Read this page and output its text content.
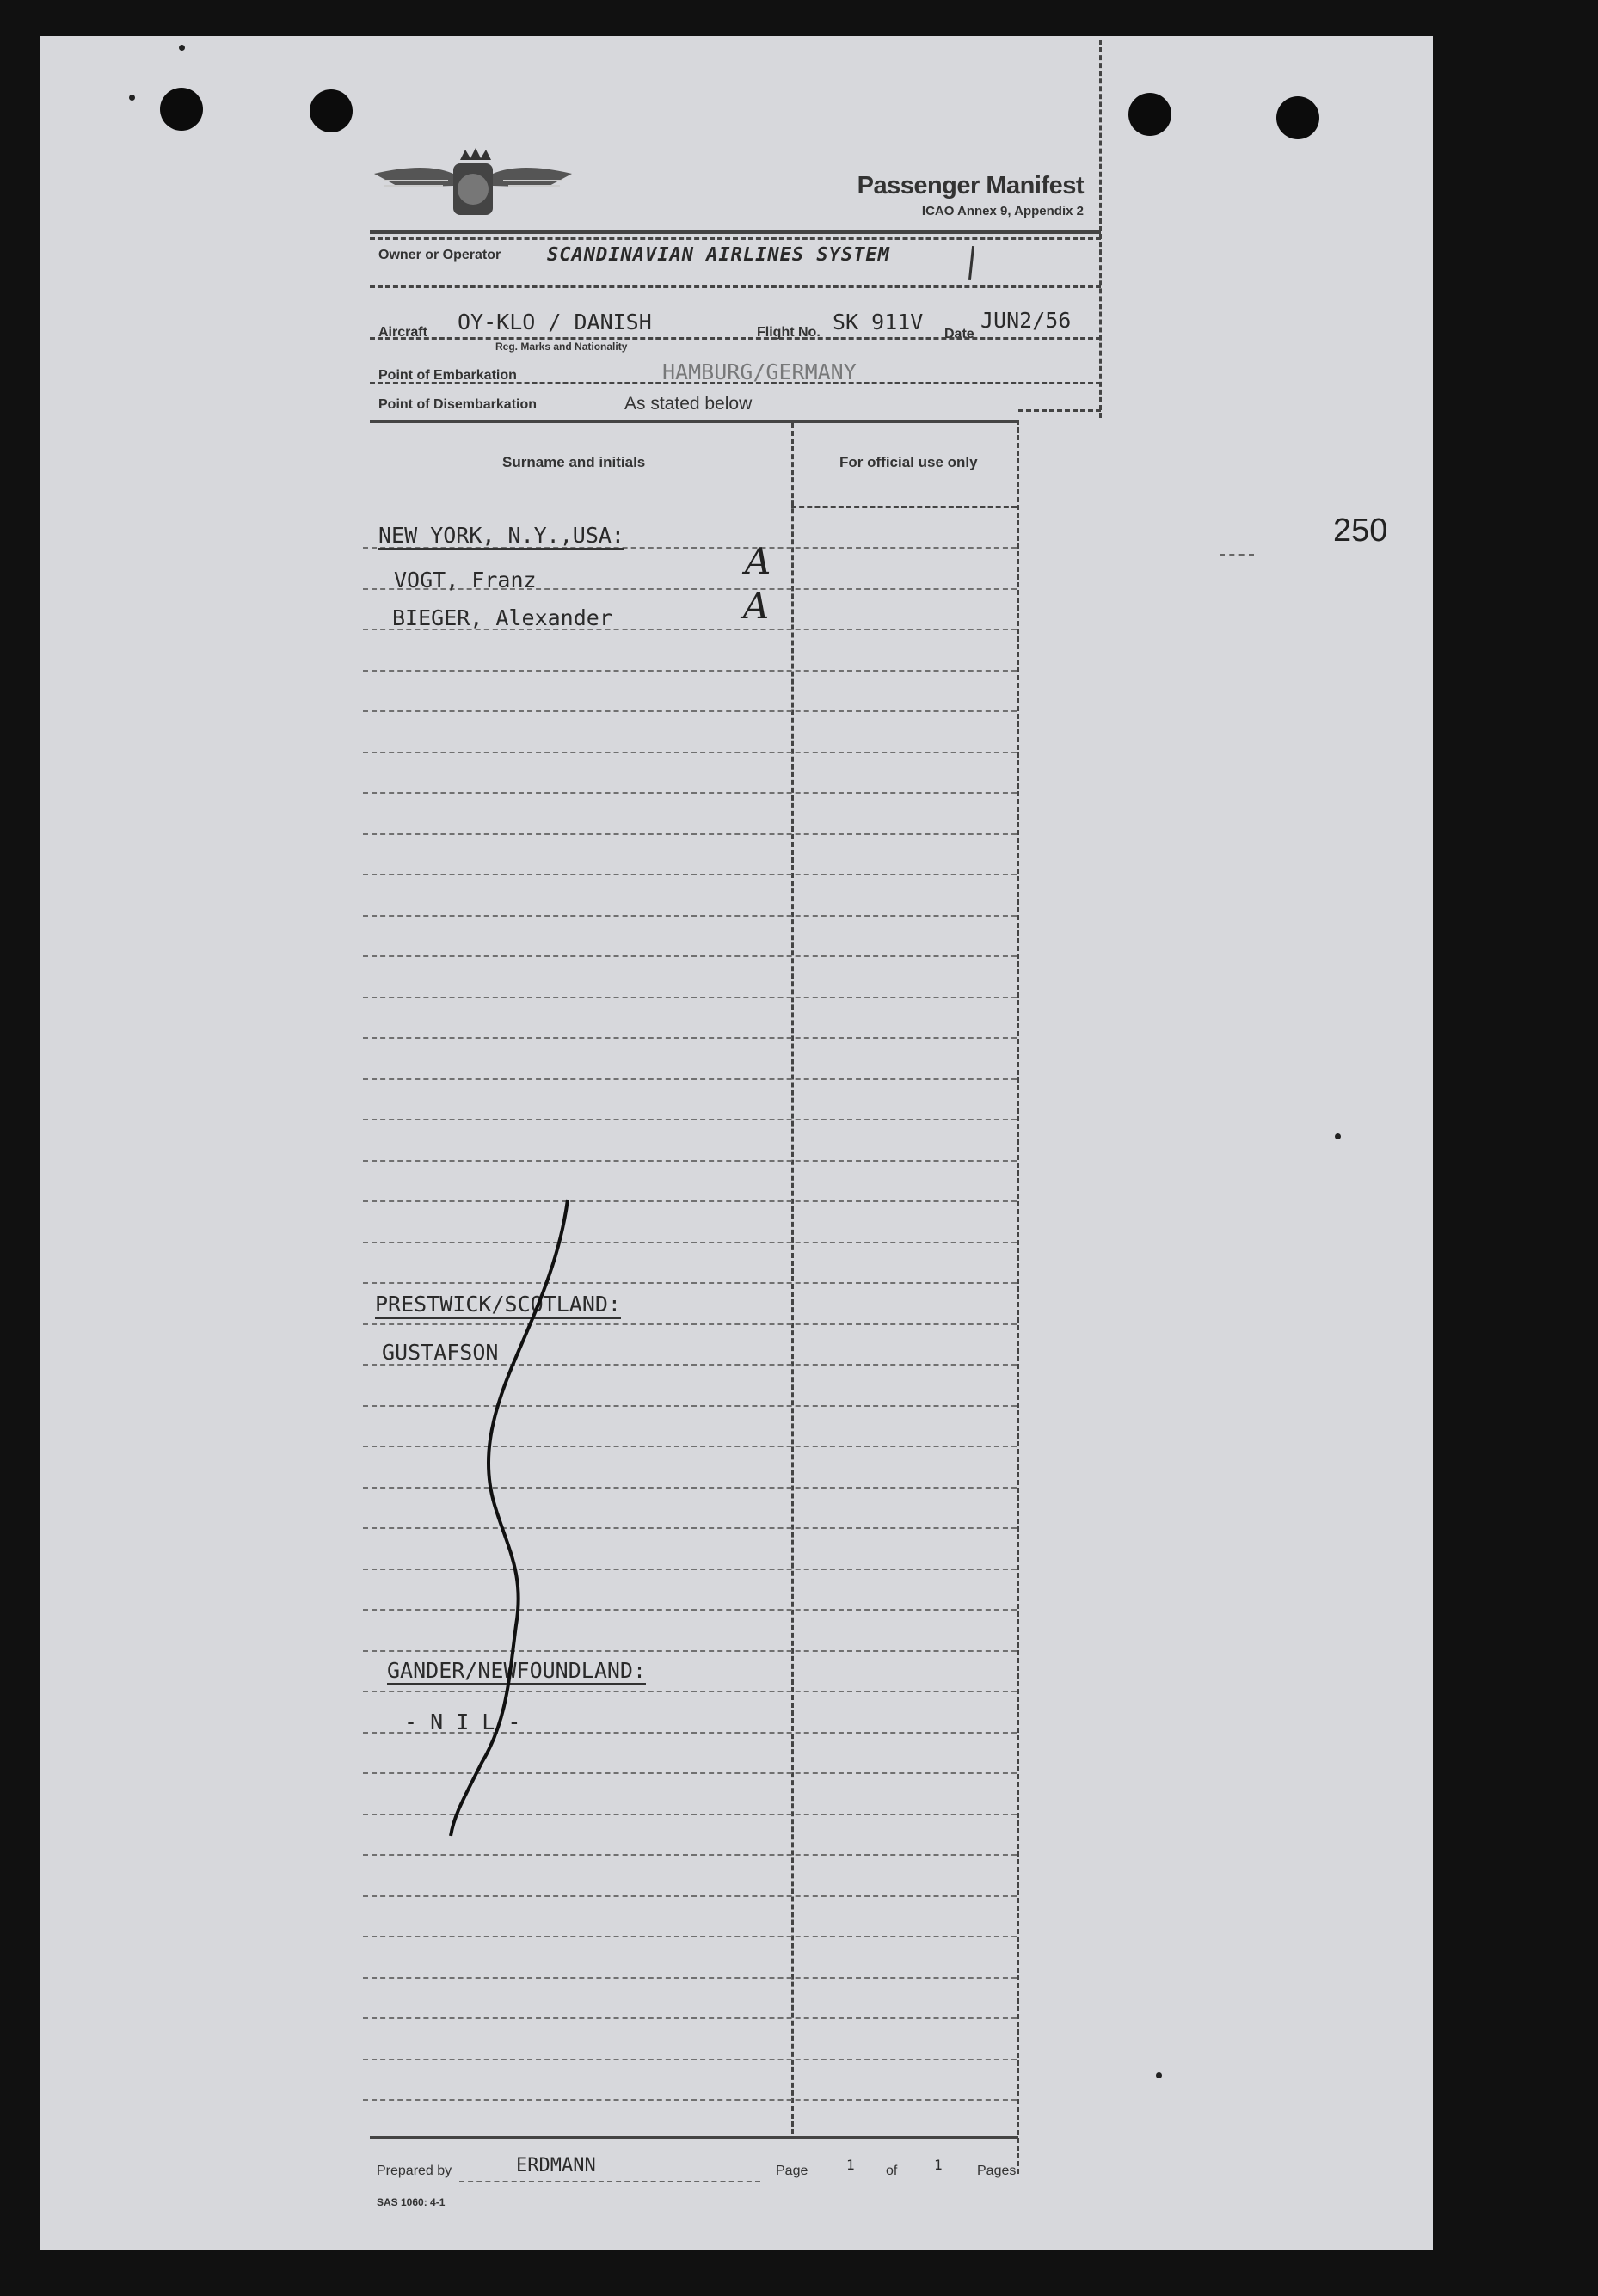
Passenger Manifest
ICAO Annex 9, Appendix 2
Owner or Operator SCANDINAVIAN AIRLINES SYSTEM
Aircraft OY-KLO / DANISH
Reg. Marks and Nationality
Flight No. SK 911V Date
JUN2/56
Point of Embarkation	HAMBURG/GERMANY
Point of Disembarkation	As stated below
Surname and initials	For official use only
NEW YORK, N.Y.,USA:
VOGT, Franz	A
BIEGER, Alexander	A
PRESTWICK/SCOTLAND:
GUSTAFSON
GANDER/NEWFOUNDLAND:
- N I L -
Prepared by	ERDMANN	Page	1 of	1	Pages
SAS 1060: 4-1
250
